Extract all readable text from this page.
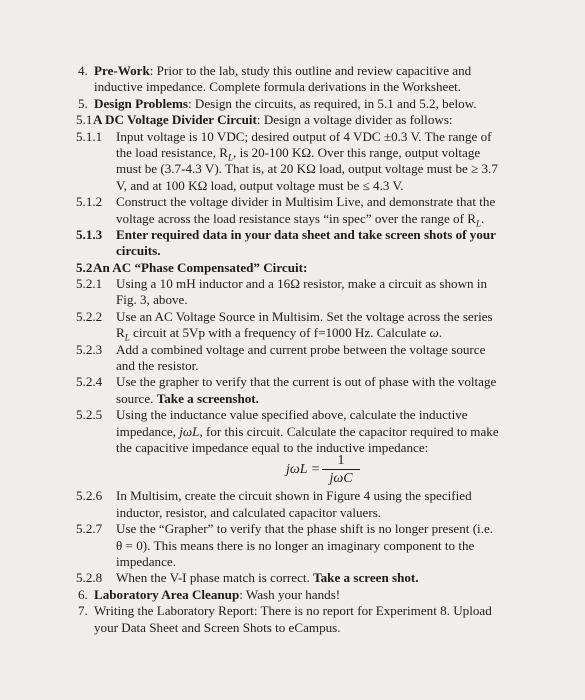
4. Pre-Work: Prior to the lab, study this outline and review capacitive and
inductive impedance. Complete formula derivations in the Worksheet.
5. Design Problems: Design the circuits, as required, in 5.1 and 5.2, below.
5.1 A DC Voltage Divider Circuit: Design a voltage divider as follows:
5.1.1 Input voltage is 10 VDC; desired output of 4 VDC ±0.3 V. The range of
the load resistance, $R_L$, is 20-100 KΩ. Over this range, output voltage
must be (3.7-4.3 V). That is, at 20 KΩ load, output voltage must be ≥ 3.7
V, and at 100 KΩ load, output voltage must be ≤ 4.3 V.
5.1.2 Construct the voltage divider in Multisim Live, and demonstrate that the
voltage across the load resistance stays “in spec” over the range of $R_L$.
5.1.3 Enter required data in your data sheet and take screen shots of your
circuits.
5.2 An AC “Phase Compensated” Circuit:
5.2.1 Using a 10 mH inductor and a 16Ω resistor, make a circuit as shown in
Fig. 3, above.
5.2.2 Use an AC Voltage Source in Multisim. Set the voltage across the series
$R_L$ circuit at 5Vp with a frequency of f=1000 Hz. Calculate ω.
5.2.3 Add a combined voltage and current probe between the voltage source
and the resistor.
5.2.4 Use the grapher to verify that the current is out of phase with the voltage
source. Take a screenshot.
5.2.5 Using the inductance value specified above, calculate the inductive
impedance, jωL, for this circuit. Calculate the capacitor required to make
the capacitive impedance equal to the inductive impedance:
jωL =
1
jωC
5.2.6 In Multisim, create the circuit shown in Figure 4 using the specified
inductor, resistor, and calculated capacitor valuers.
5.2.7 Use the “Grapher” to verify that the phase shift is no longer present (i.e.
θ = 0). This means there is no longer an imaginary component to the
impedance.
5.2.8 When the V-I phase match is correct. Take a screen shot.
6. Laboratory Area Cleanup: Wash your hands!
7. Writing the Laboratory Report: There is no report for Experiment 8. Upload
your Data Sheet and Screen Shots to eCampus.
